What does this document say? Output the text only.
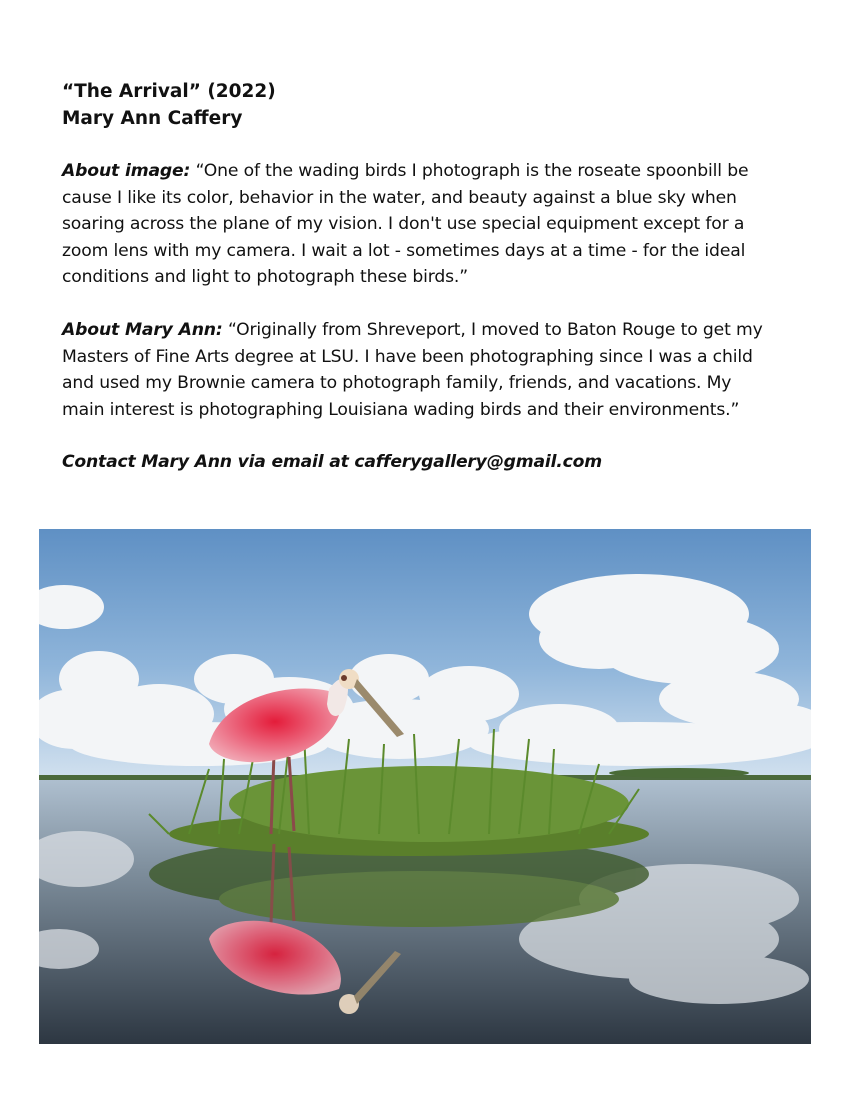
“The Arrival” (2022)

Mary Ann Caffery

About image: “One of the wading birds I photograph is the roseate spoonbill be
cause I like its color, behavior in the water, and beauty against a blue sky when
soaring across the plane of my vision. I don't use special equipment except for a
zoom lens with my camera. I wait a lot - sometimes days at a time - for the ideal
conditions and light to photograph these birds.”

About Mary Ann: “Originally from Shreveport, I moved to Baton Rouge to get my
Masters of Fine Arts degree at LSU. I have been photographing since I was a child
and used my Brownie camera to photograph family, friends, and vacations. My
main interest is photographing Louisiana wading birds and their environments.”

Contact Mary Ann via email at cafferygallery@gmail.com
